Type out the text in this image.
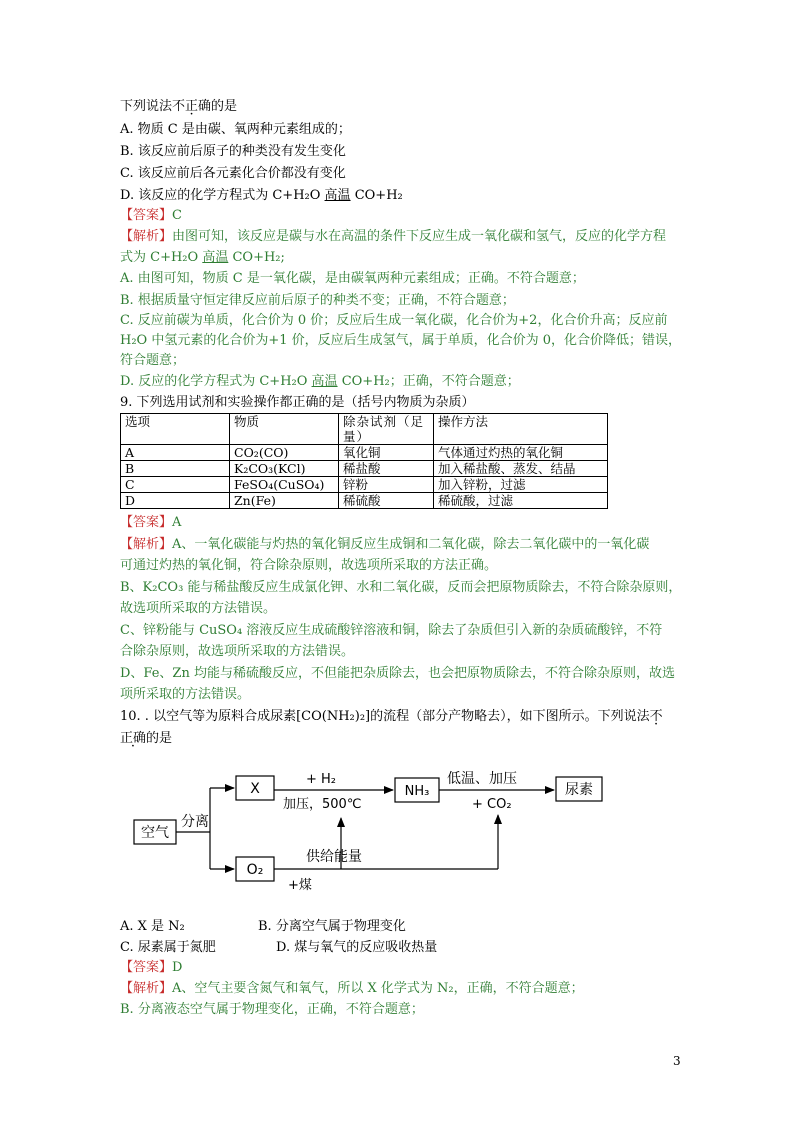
下列说法不正确的是
A. 物质 C 是由碳、氧两种元素组成的；
B. 该反应前后原子的种类没有发生变化
C. 该反应前后各元素化合价都没有变化
D. 该反应的化学方程式为 C+H₂O 高温 CO+H₂
【答案】C
【解析】由图可知，该反应是碳与水在高温的条件下反应生成一氧化碳和氢气，反应的化学方程
式为 C+H₂O 高温 CO+H₂;
A. 由图可知，物质 C 是一氧化碳，是由碳氧两种元素组成；正确。不符合题意；
B. 根据质量守恒定律反应前后原子的种类不变；正确，不符合题意；
C. 反应前碳为单质，化合价为 0 价；反应后生成一氧化碳，化合价为+2，化合价升高；反应前
H₂O 中氢元素的化合价为+1 价，反应后生成氢气，属于单质，化合价为 0，化合价降低；错误，
符合题意；
D. 反应的化学方程式为 C+H₂O 高温 CO+H₂；正确，不符合题意；
9. 下列选用试剂和实验操作都正确的是（括号内物质为杂质）
选项	物质	除杂试剂（足量）	操作方法
A	CO₂(CO)	氧化铜	气体通过灼热的氧化铜
B	K₂CO₃(KCl)	稀盐酸	加入稀盐酸、蒸发、结晶
C	FeSO₄(CuSO₄)	锌粉	加入锌粉，过滤
D	Zn(Fe)	稀硫酸	稀硫酸，过滤
【答案】A
【解析】A、一氧化碳能与灼热的氧化铜反应生成铜和二氧化碳，除去二氧化碳中的一氧化碳
可通过灼热的氧化铜，符合除杂原则，故选项所采取的方法正确。
B、K₂CO₃ 能与稀盐酸反应生成氯化钾、水和二氧化碳，反而会把原物质除去，不符合除杂原则，
故选项所采取的方法错误。
C、锌粉能与 CuSO₄ 溶液反应生成硫酸锌溶液和铜，除去了杂质但引入新的杂质硫酸锌，不符
合除杂原则，故选项所采取的方法错误。
D、Fe、Zn 均能与稀硫酸反应，不但能把杂质除去，也会把原物质除去，不符合除杂原则，故选
项所采取的方法错误。
10. . 以空气等为原料合成尿素[CO(NH₂)₂]的流程（部分产物略去），如下图所示。下列说法不
正确的是
空气
分离
X
O₂
+ H₂
加压，500℃
NH₃
低温、加压
+ CO₂
尿素
供给能量
+煤
A. X 是 N₂	B. 分离空气属于物理变化
C. 尿素属于氮肥	D. 煤与氧气的反应吸收热量
【答案】D
【解析】A、空气主要含氮气和氧气，所以 X 化学式为 N₂，正确，不符合题意；
B. 分离液态空气属于物理变化，正确，不符合题意；
3
